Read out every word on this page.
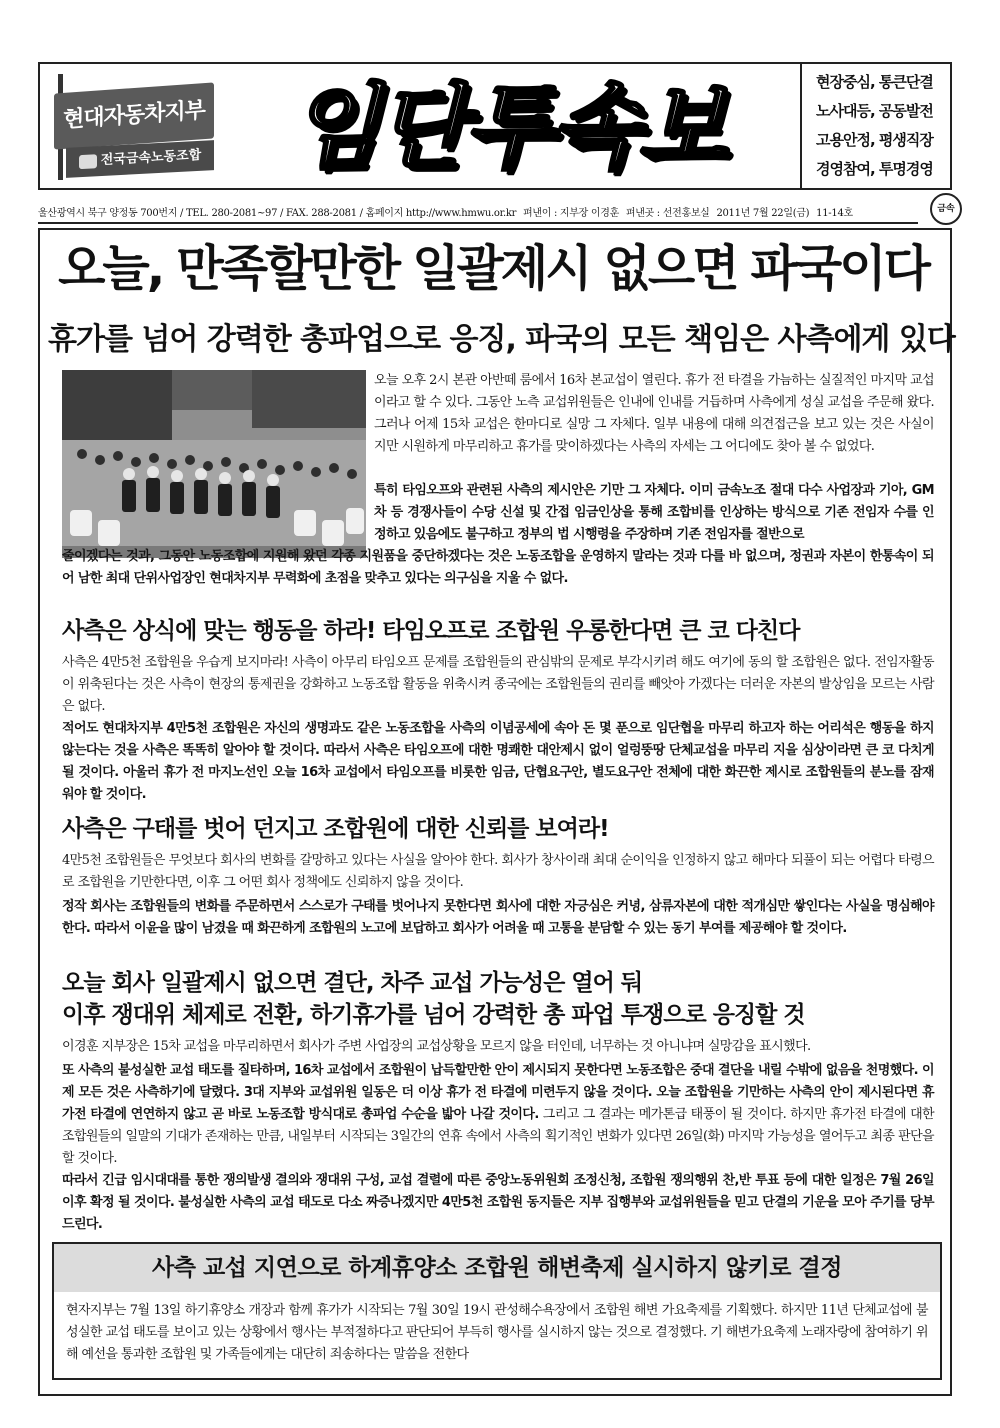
현대자동차지부
전국금속노동조합 임단투속보	현장중심, 통큰단결
노사대등, 공동발전
고용안정, 평생직장
경영참여, 투명경영
울산광역시 북구 양정동 700번지 / TEL. 280-2081~97 / FAX. 288-2081 / 홈페이지 http://www.hmwu.or.kr 펴낸이 : 지부장 이경훈 펴낸곳 : 선전홍보실 2011년 7월 22일(금) 11-14호	금속
오늘, 만족할만한 일괄제시 없으면 파국이다
휴가를 넘어 강력한 총파업으로 응징, 파국의 모든 책임은 사측에게 있다
오늘 오후 2시 본관 아반떼 룸에서 16차 본교섭이 열린다. 휴가 전 타결을 가늠하는 실질적인 마지막 교섭이라고 할 수 있다. 그동안 노측 교섭위원들은 인내에 인내를 거듭하며 사측에게 성실 교섭을 주문해 왔다. 그러나 어제 15차 교섭은 한마디로 실망 그 자체다. 일부 내용에 대해 의견접근을 보고 있는 것은 사실이지만 시원하게 마무리하고 휴가를 맞이하겠다는 사측의 자세는 그 어디에도 찾아 볼 수 없었다.
특히 타임오프와 관련된 사측의 제시안은 기만 그 자체다. 이미 금속노조 절대 다수 사업장과 기아, GM차 등 경쟁사들이 수당 신설 및 간접 임금인상을 통해 조합비를 인상하는 방식으로 기존 전임자 수를 인정하고 있음에도 불구하고 정부의 법 시행령을 주장하며 기존 전임자를 절반으로
줄이겠다는 것과, 그동안 노동조합에 지원해 왔던 각종 지원품을 중단하겠다는 것은 노동조합을 운영하지 말라는 것과 다를 바 없으며, 정권과 자본이 한통속이 되어 남한 최대 단위사업장인 현대차지부 무력화에 초점을 맞추고 있다는 의구심을 지울 수 없다.
사측은 상식에 맞는 행동을 하라! 타임오프로 조합원 우롱한다면 큰 코 다친다
사측은 4만5천 조합원을 우습게 보지마라! 사측이 아무리 타임오프 문제를 조합원들의 관심밖의 문제로 부각시키려 해도 여기에 동의 할 조합원은 없다. 전임자활동이 위축된다는 것은 사측이 현장의 통제권을 강화하고 노동조합 활동을 위축시켜 종국에는 조합원들의 권리를 빼앗아 가겠다는 더러운 자본의 발상임을 모르는 사람은 없다.
적어도 현대차지부 4만5천 조합원은 자신의 생명과도 같은 노동조합을 사측의 이념공세에 속아 돈 몇 푼으로 임단협을 마무리 하고자 하는 어리석은 행동을 하지 않는다는 것을 사측은 똑똑히 알아야 할 것이다. 따라서 사측은 타임오프에 대한 명쾌한 대안제시 없이 얼렁뚱땅 단체교섭을 마무리 지을 심상이라면 큰 코 다치게 될 것이다. 아울러 휴가 전 마지노선인 오늘 16차 교섭에서 타임오프를 비롯한 임금, 단협요구안, 별도요구안 전체에 대한 화끈한 제시로 조합원들의 분노를 잠재워야 할 것이다.
사측은 구태를 벗어 던지고 조합원에 대한 신뢰를 보여라!
4만5천 조합원들은 무엇보다 회사의 변화를 갈망하고 있다는 사실을 알아야 한다. 회사가 창사이래 최대 순이익을 인정하지 않고 해마다 되풀이 되는 어렵다 타령으로 조합원을 기만한다면, 이후 그 어떤 회사 정책에도 신뢰하지 않을 것이다.
정작 회사는 조합원들의 변화를 주문하면서 스스로가 구태를 벗어나지 못한다면 회사에 대한 자긍심은 커녕, 삼류자본에 대한 적개심만 쌓인다는 사실을 명심해야 한다. 따라서 이윤을 많이 남겼을 때 화끈하게 조합원의 노고에 보답하고 회사가 어려울 때 고통을 분담할 수 있는 동기 부여를 제공해야 할 것이다.
오늘 회사 일괄제시 없으면 결단, 차주 교섭 가능성은 열어 둬
이후 쟁대위 체제로 전환, 하기휴가를 넘어 강력한 총 파업 투쟁으로 응징할 것
이경훈 지부장은 15차 교섭을 마무리하면서 회사가 주변 사업장의 교섭상황을 모르지 않을 터인데, 너무하는 것 아니냐며 실망감을 표시했다.
또 사측의 불성실한 교섭 태도를 질타하며, 16차 교섭에서 조합원이 납득할만한 안이 제시되지 못한다면 노동조합은 중대 결단을 내릴 수밖에 없음을 천명했다. 이제 모든 것은 사측하기에 달렸다. 3대 지부와 교섭위원 일동은 더 이상 휴가 전 타결에 미련두지 않을 것이다. 오늘 조합원을 기만하는 사측의 안이 제시된다면 휴가전 타결에 연연하지 않고 곧 바로 노동조합 방식대로 총파업 수순을 밟아 나갈 것이다. 그리고 그 결과는 메가톤급 태풍이 될 것이다. 하지만 휴가전 타결에 대한 조합원들의 일말의 기대가 존재하는 만큼, 내일부터 시작되는 3일간의 연휴 속에서 사측의 획기적인 변화가 있다면 26일(화) 마지막 가능성을 열어두고 최종 판단을 할 것이다.
따라서 긴급 임시대대를 통한 쟁의발생 결의와 쟁대위 구성, 교섭 결렬에 따른 중앙노동위원회 조정신청, 조합원 쟁의행위 찬,반 투표 등에 대한 일정은 7월 26일 이후 확정 될 것이다. 불성실한 사측의 교섭 태도로 다소 짜증나겠지만 4만5천 조합원 동지들은 지부 집행부와 교섭위원들을 믿고 단결의 기운을 모아 주기를 당부드린다.
사측 교섭 지연으로 하계휴양소 조합원 해변축제 실시하지 않키로 결정
현자지부는 7월 13일 하기휴양소 개장과 함께 휴가가 시작되는 7월 30일 19시 관성해수욕장에서 조합원 해변 가요축제를 기획했다. 하지만 11년 단체교섭에 불성실한 교섭 태도를 보이고 있는 상황에서 행사는 부적절하다고 판단되어 부득히 행사를 실시하지 않는 것으로 결정했다. 기 해변가요축제 노래자랑에 참여하기 위해 예선을 통과한 조합원 및 가족들에게는 대단히 죄송하다는 말씀을 전한다
